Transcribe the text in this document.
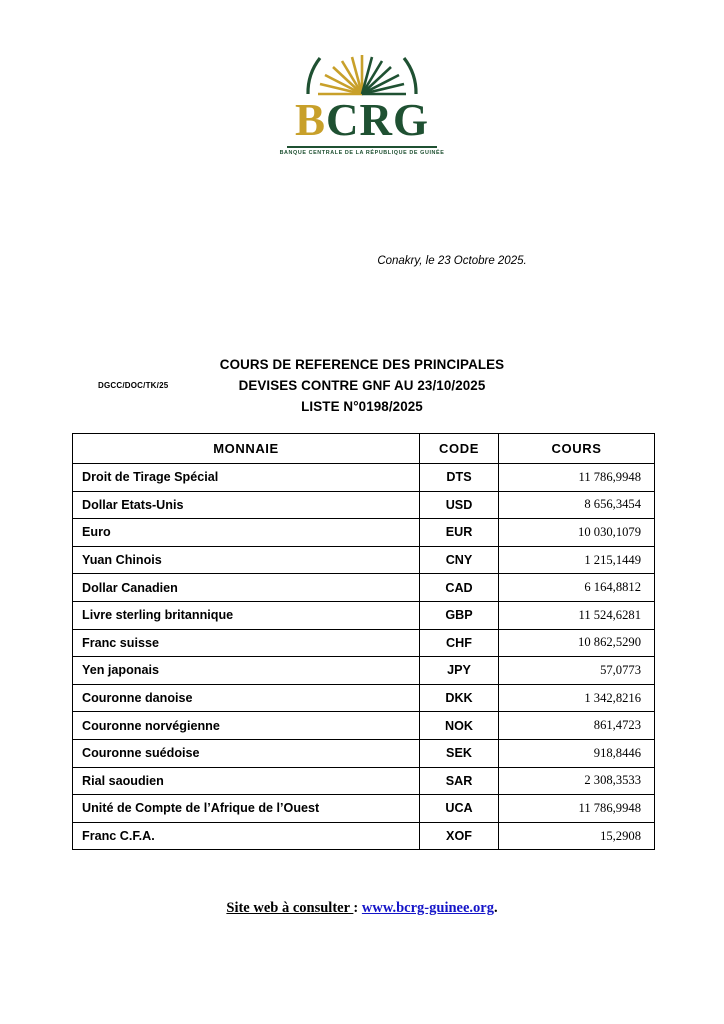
BCRG
BANQUE CENTRALE DE LA RÉPUBLIQUE DE GUINÉE
Conakry, le 23 Octobre 2025.
DGCC/DOC/TK/25
COURS DE REFERENCE DES PRINCIPALES
DEVISES CONTRE GNF AU 23/10/2025
LISTE N°0198/2025
MONNAIE	CODE	COURS
Droit de Tirage Spécial	DTS	11 786,9948
Dollar Etats-Unis	USD	8 656,3454
Euro	EUR	10 030,1079
Yuan Chinois	CNY	1 215,1449
Dollar Canadien	CAD	6 164,8812
Livre sterling britannique	GBP	11 524,6281
Franc suisse	CHF	10 862,5290
Yen japonais	JPY	57,0773
Couronne danoise	DKK	1 342,8216
Couronne norvégienne	NOK	861,4723
Couronne suédoise	SEK	918,8446
Rial saoudien	SAR	2 308,3533
Unité de Compte de l’Afrique de l’Ouest	UCA	11 786,9948
Franc C.F.A.	XOF	15,2908
Site web à consulter : www.bcrg-guinee.org.
